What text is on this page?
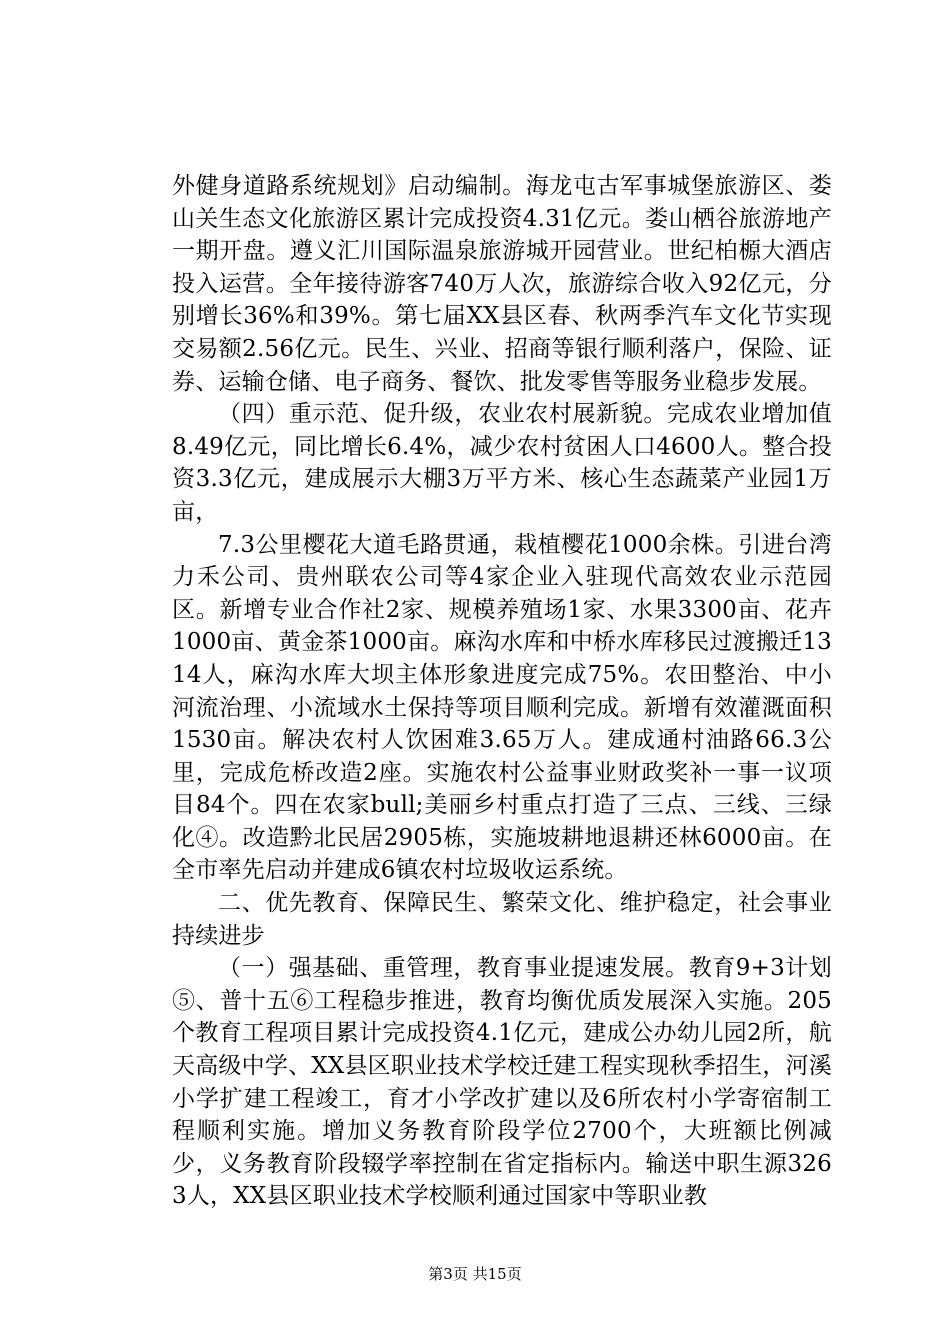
外健身道路系统规划》启动编制。海龙屯古军事城堡旅游区、娄山关生态文化旅游区累计完成投资4.31亿元。娄山栖谷旅游地产一期开盘。遵义汇川国际温泉旅游城开园营业。世纪柏榞大酒店投入运营。全年接待游客740万人次，旅游综合收入92亿元，分别增长36%和39%。第七届XX县区春、秋两季汽车文化节实现交易额2.56亿元。民生、兴业、招商等银行顺利落户，保险、证券、运输仓储、电子商务、餐饮、批发零售等服务业稳步发展。

（四）重示范、促升级，农业农村展新貌。完成农业增加值8.49亿元，同比增长6.4%，减少农村贫困人口4600人。整合投资3.3亿元，建成展示大棚3万平方米、核心生态蔬菜产业园1万亩，

7.3公里樱花大道毛路贯通，栽植樱花1000余株。引进台湾力禾公司、贵州联农公司等4家企业入驻现代高效农业示范园区。新增专业合作社2家、规模养殖场1家、水果3300亩、花卉1000亩、黄金茶1000亩。麻沟水库和中桥水库移民过渡搬迁1314人，麻沟水库大坝主体形象进度完成75%。农田整治、中小河流治理、小流域水土保持等项目顺利完成。新增有效灌溉面积1530亩。解决农村人饮困难3.65万人。建成通村油路66.3公里，完成危桥改造2座。实施农村公益事业财政奖补一事一议项目84个。四在农家bull;美丽乡村重点打造了三点、三线、三绿化④。改造黔北民居2905栋，实施坡耕地退耕还林6000亩。在全市率先启动并建成6镇农村垃圾收运系统。

二、优先教育、保障民生、繁荣文化、维护稳定，社会事业持续进步

（一）强基础、重管理，教育事业提速发展。教育9+3计划⑤、普十五⑥工程稳步推进，教育均衡优质发展深入实施。205个教育工程项目累计完成投资4.1亿元，建成公办幼儿园2所，航天高级中学、XX县区职业技术学校迁建工程实现秋季招生，河溪小学扩建工程竣工，育才小学改扩建以及6所农村小学寄宿制工程顺利实施。增加义务教育阶段学位2700个，大班额比例减少，义务教育阶段辍学率控制在省定指标内。输送中职生源3263人，XX县区职业技术学校顺利通过国家中等职业教

第3页 共15页
